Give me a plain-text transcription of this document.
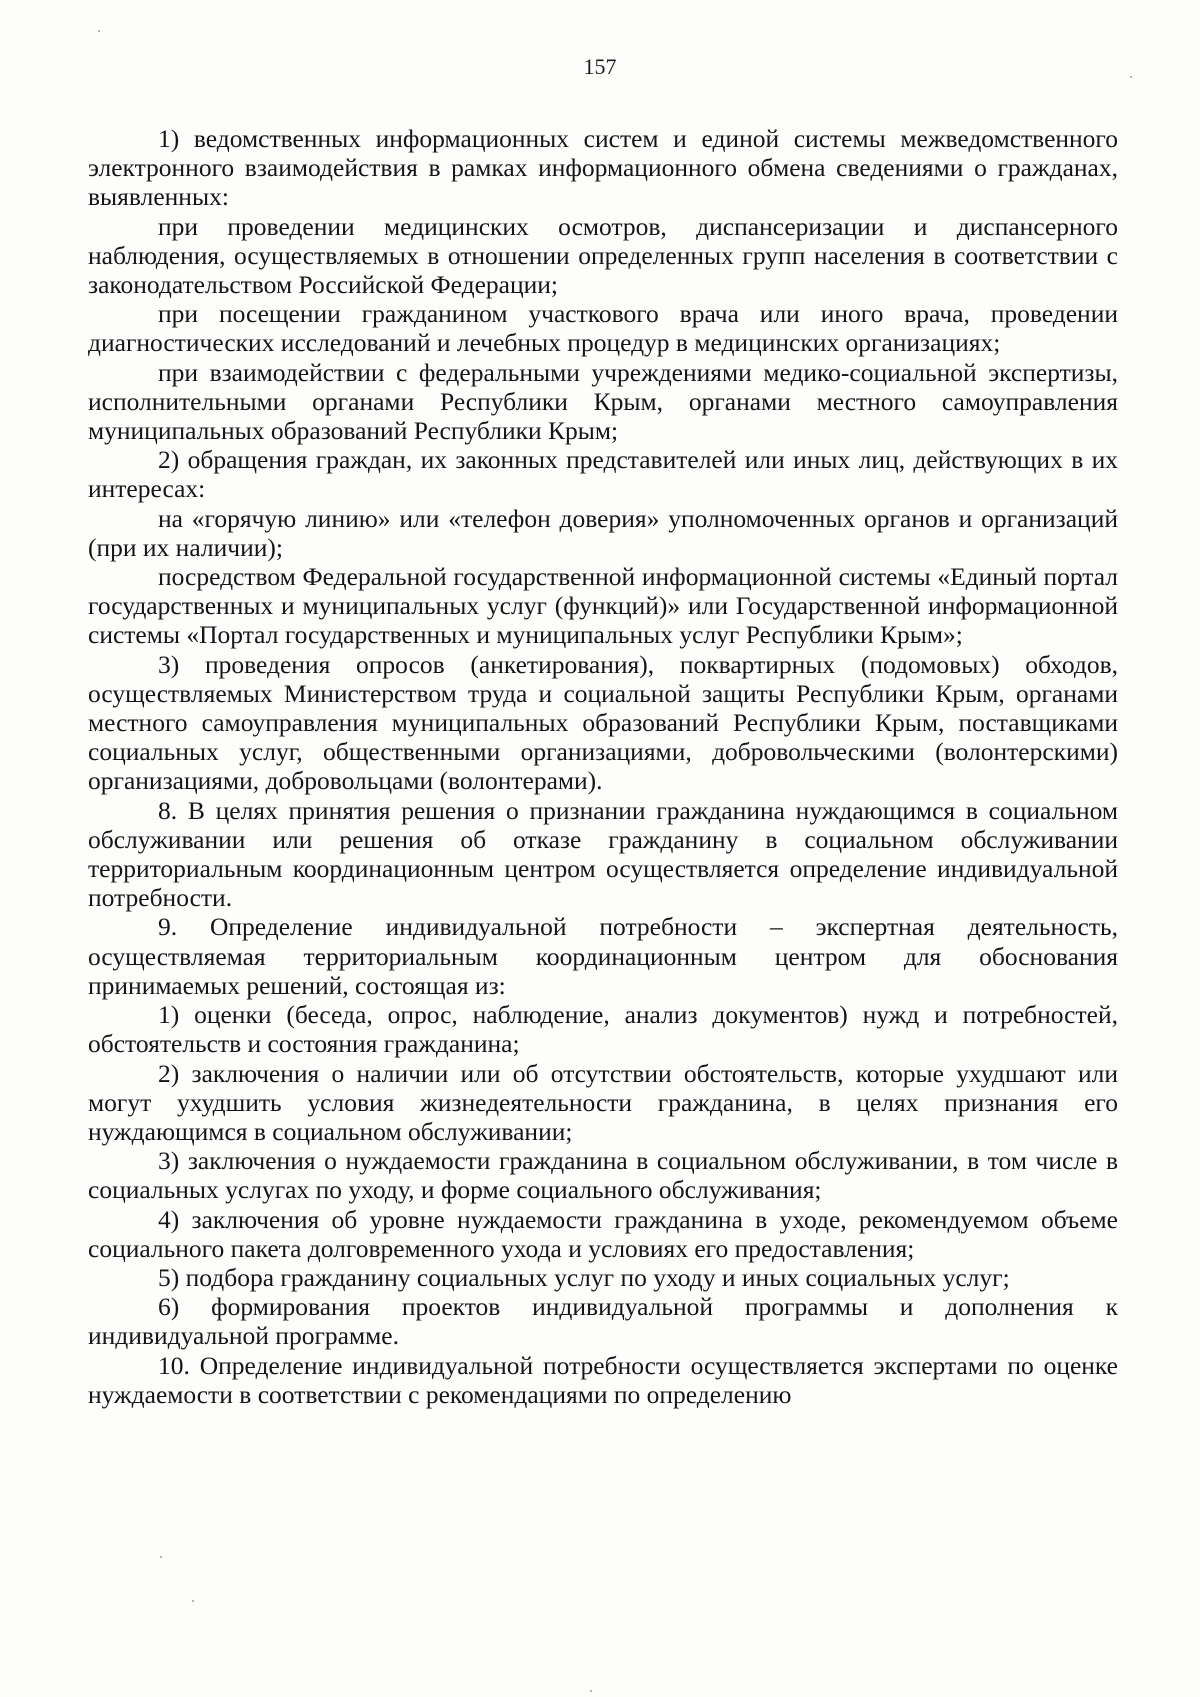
157

1) ведомственных информационных систем и единой системы межведомственного электронного взаимодействия в рамках информационного обмена сведениями о гражданах, выявленных:

при проведении медицинских осмотров, диспансеризации и диспансерного наблюдения, осуществляемых в отношении определенных групп населения в соответствии с законодательством Российской Федерации;

при посещении гражданином участкового врача или иного врача, проведении диагностических исследований и лечебных процедур в медицинских организациях;

при взаимодействии с федеральными учреждениями медико-социальной экспертизы, исполнительными органами Республики Крым, органами местного самоуправления муниципальных образований Республики Крым;

2) обращения граждан, их законных представителей или иных лиц, действующих в их интересах:

на «горячую линию» или «телефон доверия» уполномоченных органов и организаций (при их наличии);

посредством Федеральной государственной информационной системы «Единый портал государственных и муниципальных услуг (функций)» или Государственной информационной системы «Портал государственных и муниципальных услуг Республики Крым»;

3) проведения опросов (анкетирования), поквартирных (подомовых) обходов, осуществляемых Министерством труда и социальной защиты Республики Крым, органами местного самоуправления муниципальных образований Республики Крым, поставщиками социальных услуг, общественными организациями, добровольческими (волонтерскими) организациями, добровольцами (волонтерами).

8. В целях принятия решения о признании гражданина нуждающимся в социальном обслуживании или решения об отказе гражданину в социальном обслуживании территориальным координационным центром осуществляется определение индивидуальной потребности.

9. Определение индивидуальной потребности – экспертная деятельность, осуществляемая территориальным координационным центром для обоснования принимаемых решений, состоящая из:

1) оценки (беседа, опрос, наблюдение, анализ документов) нужд и потребностей, обстоятельств и состояния гражданина;

2) заключения о наличии или об отсутствии обстоятельств, которые ухудшают или могут ухудшить условия жизнедеятельности гражданина, в целях признания его нуждающимся в социальном обслуживании;

3) заключения о нуждаемости гражданина в социальном обслуживании, в том числе в социальных услугах по уходу, и форме социального обслуживания;

4) заключения об уровне нуждаемости гражданина в уходе, рекомендуемом объеме социального пакета долговременного ухода и условиях его предоставления;

5) подбора гражданину социальных услуг по уходу и иных социальных услуг;

6) формирования проектов индивидуальной программы и дополнения к индивидуальной программе.

10. Определение индивидуальной потребности осуществляется экспертами по оценке нуждаемости в соответствии с рекомендациями по определению
